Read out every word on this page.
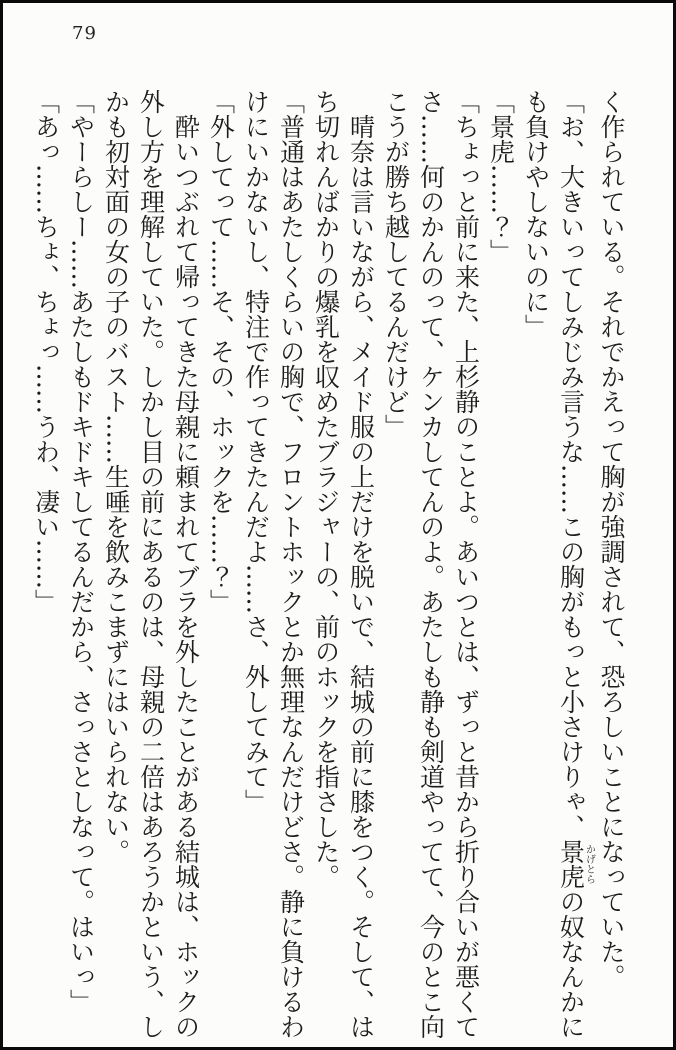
79

く作られている。それでかえって胸が強調されて、恐ろしいことになっていた。

「お、大きいってしみじみ言うな……この胸がもっと小さけりゃ、景虎かげとらの奴なんかに

も負けやしないのに」

「景虎……？」

「ちょっと前に来た、上杉静のことよ。あいつとは、ずっと昔から折り合いが悪くて

さ……何のかんのって、ケンカしてんのよ。あたしも静も剣道やってて、今のとこ向

こうが勝ち越してるんだけど」

　晴奈は言いながら、メイド服の上だけを脱いで、結城の前に膝をつく。そして、は

ち切れんばかりの爆乳を収めたブラジャーの、前のホックを指さした。

「普通はあたしくらいの胸で、フロントホックとか無理なんだけどさ。静に負けるわ

けにいかないし、特注で作ってきたんだよ……さ、外してみて」

「外してって……そ、その、ホックを……？」

　酔いつぶれて帰ってきた母親に頼まれてブラを外したことがある結城は、ホックの

外し方を理解していた。しかし目の前にあるのは、母親の二倍はあろうかという、し

かも初対面の女の子のバスト……生唾を飲みこまずにはいられない。

「やーらしー……あたしもドキドキしてるんだから、さっさとしなって。はいっ」

「あっ……ちょ、ちょっ……うわ、凄い……」
